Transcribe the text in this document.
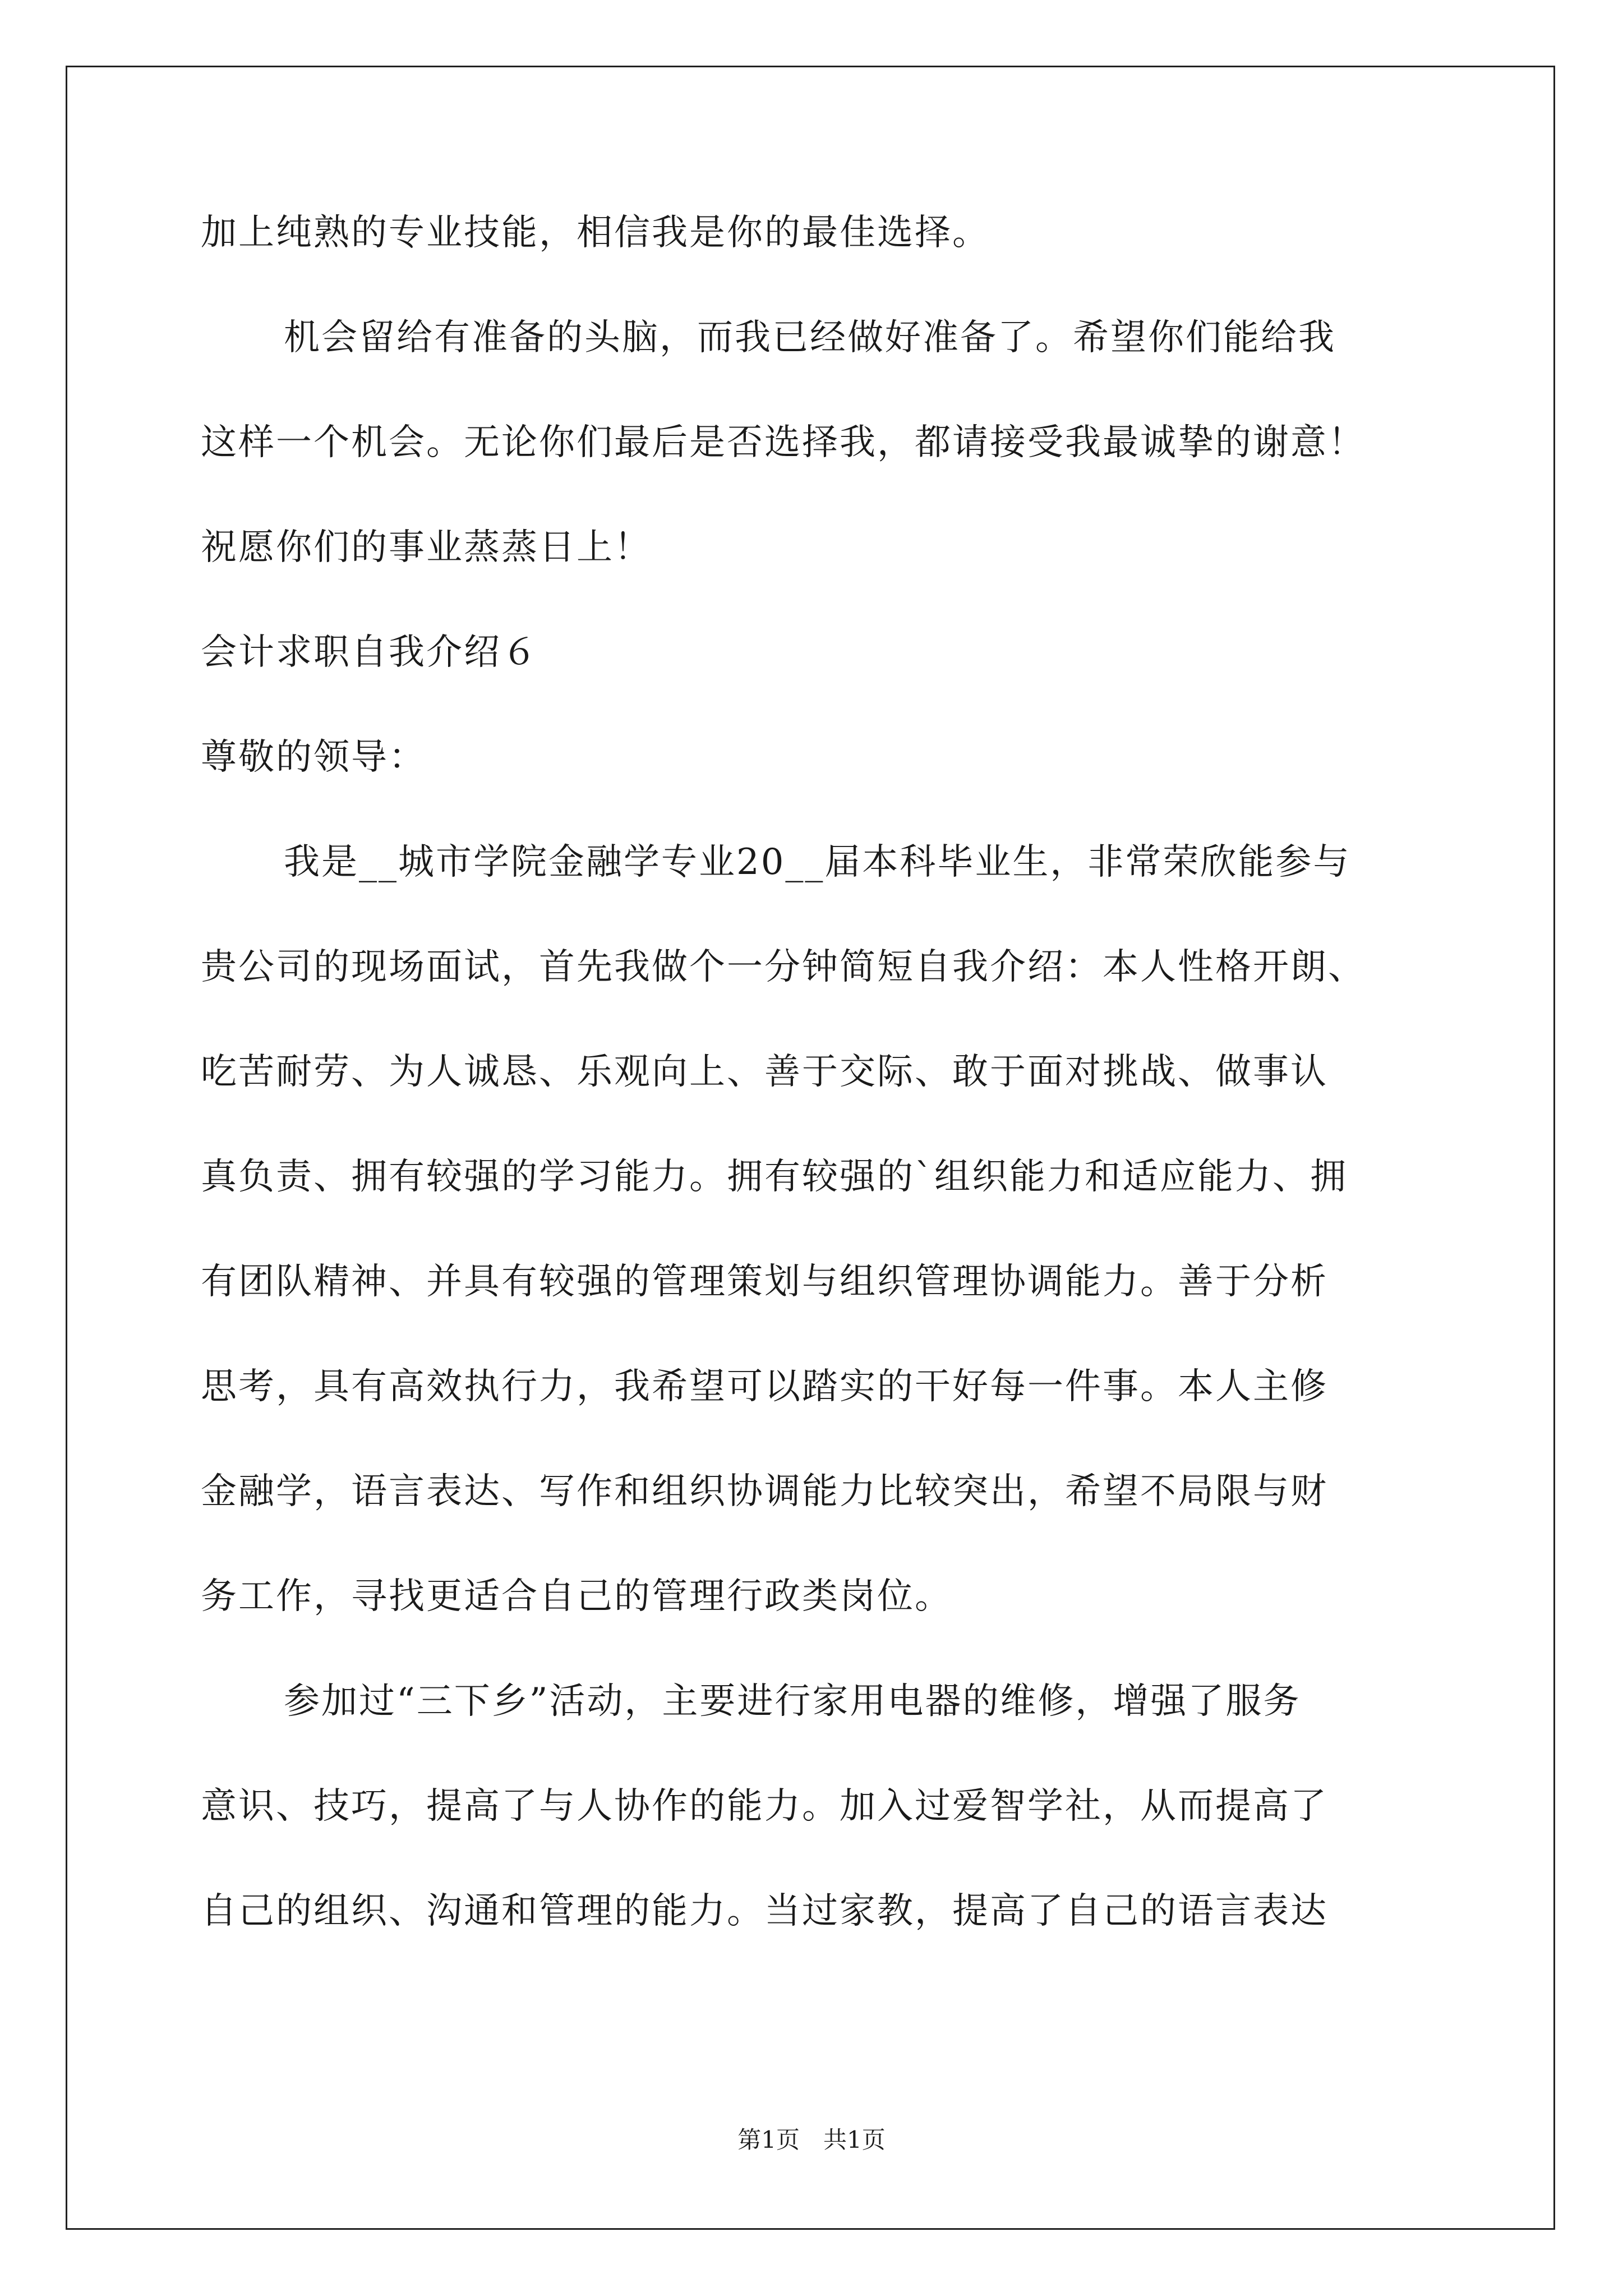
加上纯熟的专业技能，相信我是你的最佳选择。
机会留给有准备的头脑，而我已经做好准备了。希望你们能给我
这样一个机会。无论你们最后是否选择我，都请接受我最诚挚的谢意！
祝愿你们的事业蒸蒸日上！
会计求职自我介绍６
尊敬的领导：
我是__城市学院金融学专业20__届本科毕业生，非常荣欣能参与
贵公司的现场面试，首先我做个一分钟简短自我介绍：本人性格开朗、
吃苦耐劳、为人诚恳、乐观向上、善于交际、敢于面对挑战、做事认
真负责、拥有较强的学习能力。拥有较强的`组织能力和适应能力、拥
有团队精神、并具有较强的管理策划与组织管理协调能力。善于分析
思考，具有高效执行力，我希望可以踏实的干好每一件事。本人主修
金融学，语言表达、写作和组织协调能力比较突出，希望不局限与财
务工作，寻找更适合自己的管理行政类岗位。
参加过“三下乡”活动，主要进行家用电器的维修，增强了服务
意识、技巧，提高了与人协作的能力。加入过爱智学社，从而提高了
自己的组织、沟通和管理的能力。当过家教，提高了自己的语言表达
第1页　共1页
